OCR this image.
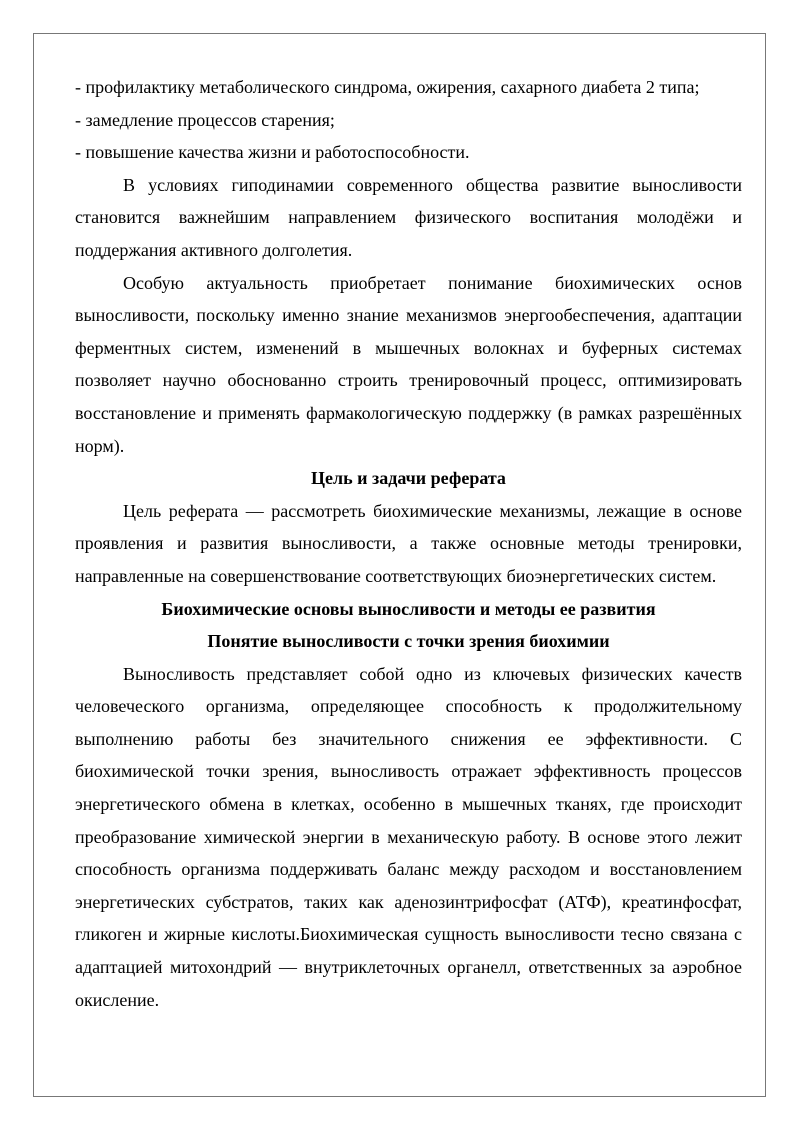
- профилактику метаболического синдрома, ожирения, сахарного диабета 2 типа;

- замедление процессов старения;

- повышение качества жизни и работоспособности.

В условиях гиподинамии современного общества развитие выносливости становится важнейшим направлением физического воспитания молодёжи и поддержания активного долголетия.

Особую актуальность приобретает понимание биохимических основ выносливости, поскольку именно знание механизмов энергообеспечения, адаптации ферментных систем, изменений в мышечных волокнах и буферных системах позволяет научно обоснованно строить тренировочный процесс, оптимизировать восстановление и применять фармакологическую поддержку (в рамках разрешённых норм).

Цель и задачи реферата

Цель реферата — рассмотреть биохимические механизмы, лежащие в основе проявления и развития выносливости, а также основные методы тренировки, направленные на совершенствование соответствующих биоэнергетических систем.

Биохимические основы выносливости и методы ее развития

Понятие выносливости с точки зрения биохимии

Выносливость представляет собой одно из ключевых физических качеств человеческого организма, определяющее способность к продолжительному выполнению работы без значительного снижения ее эффективности. С биохимической точки зрения, выносливость отражает эффективность процессов энергетического обмена в клетках, особенно в мышечных тканях, где происходит преобразование химической энергии в механическую работу. В основе этого лежит способность организма поддерживать баланс между расходом и восстановлением энергетических субстратов, таких как аденозинтрифосфат (АТФ), креатинфосфат, гликоген и жирные кислоты.Биохимическая сущность выносливости тесно связана с адаптацией митохондрий — внутриклеточных органелл, ответственных за аэробное окисление.
